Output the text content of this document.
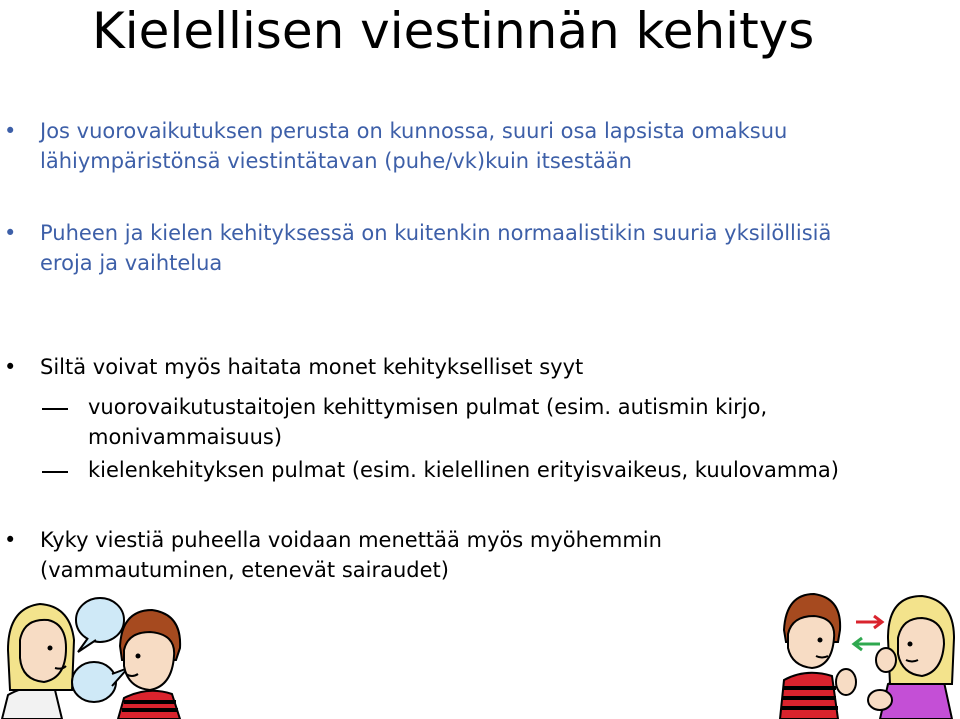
Kielellisen viestinnän kehitys
• Jos vuorovaikutuksen perusta on kunnossa, suuri osa lapsista omaksuu
lähiympäristönsä viestintätavan (puhe/vk)kuin itsestään
• Puheen ja kielen kehityksessä on kuitenkin normaalistikin suuria yksilöllisiä
eroja ja vaihtelua
• Siltä voivat myös haitata monet kehitykselliset syyt
vuorovaikutustaitojen kehittymisen pulmat (esim. autismin kirjo,
monivammaisuus)
kielenkehityksen pulmat (esim. kielellinen erityisvaikeus, kuulovamma)
• Kyky viestiä puheella voidaan menettää myös myöhemmin
(vammautuminen, etenevät sairaudet)
